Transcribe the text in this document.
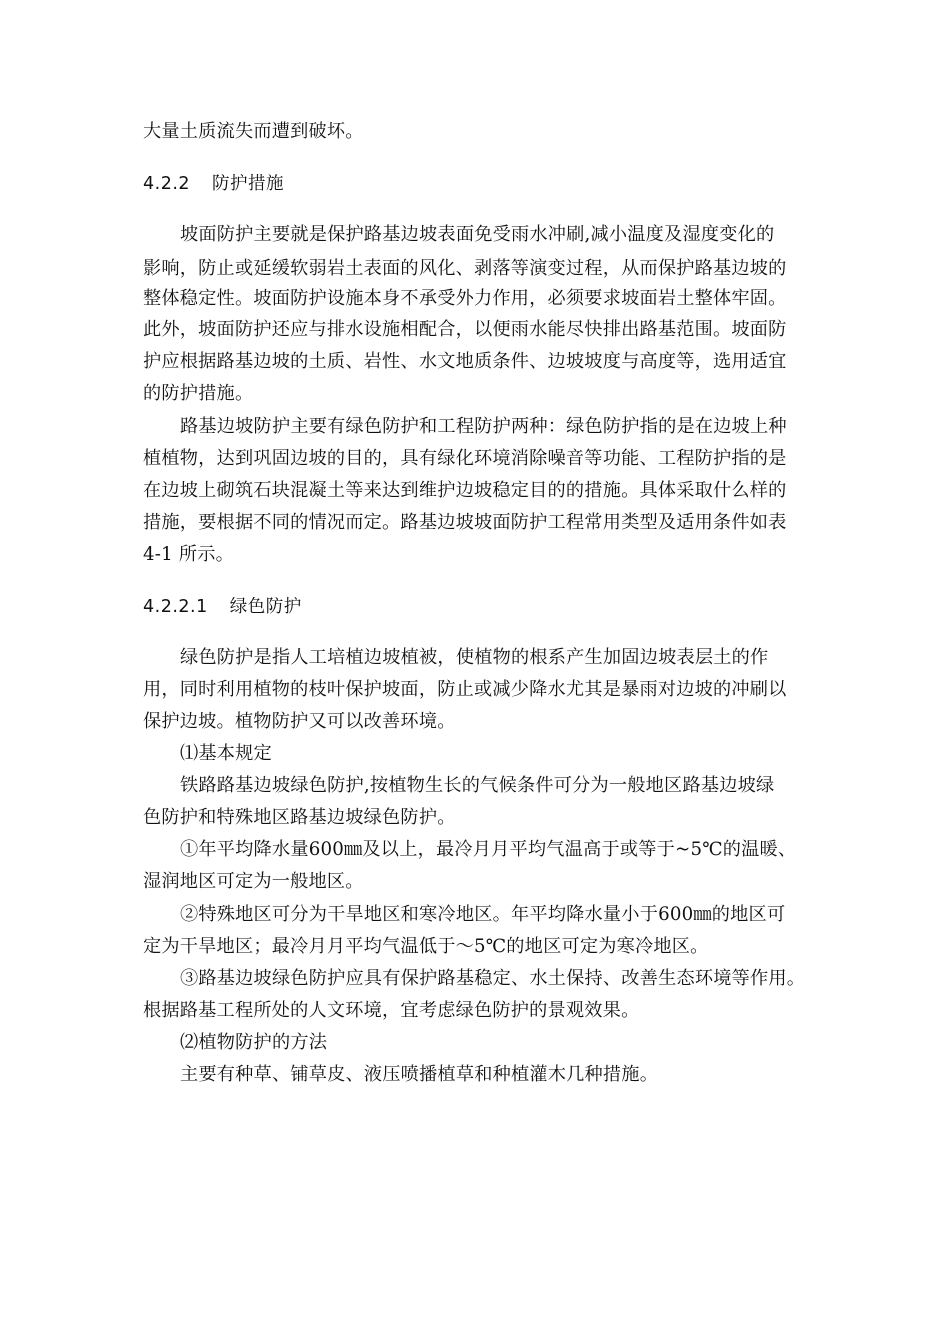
大量土质流失而遭到破坏。
4.2.2 防护措施
坡面防护主要就是保护路基边坡表面免受雨水冲刷,减小温度及湿度变化的
影响，防止或延缓软弱岩土表面的风化、剥落等演变过程，从而保护路基边坡的
整体稳定性。坡面防护设施本身不承受外力作用，必须要求坡面岩土整体牢固。
此外，坡面防护还应与排水设施相配合，以便雨水能尽快排出路基范围。坡面防
护应根据路基边坡的土质、岩性、水文地质条件、边坡坡度与高度等，选用适宜
的防护措施。
路基边坡防护主要有绿色防护和工程防护两种：绿色防护指的是在边坡上种
植植物，达到巩固边坡的目的，具有绿化环境消除噪音等功能、工程防护指的是
在边坡上砌筑石块混凝土等来达到维护边坡稳定目的的措施。具体采取什么样的
措施，要根据不同的情况而定。路基边坡坡面防护工程常用类型及适用条件如表
4-1 所示。
4.2.2.1 绿色防护
绿色防护是指人工培植边坡植被，使植物的根系产生加固边坡表层土的作
用，同时利用植物的枝叶保护坡面，防止或减少降水尤其是暴雨对边坡的冲刷以
保护边坡。植物防护又可以改善环境。
⑴基本规定
铁路路基边坡绿色防护,按植物生长的气候条件可分为一般地区路基边坡绿
色防护和特殊地区路基边坡绿色防护。
①年平均降水量600㎜及以上，最冷月月平均气温高于或等于~5℃的温暖、
湿润地区可定为一般地区。
②特殊地区可分为干旱地区和寒冷地区。年平均降水量小于600㎜的地区可
定为干旱地区；最冷月月平均气温低于～5℃的地区可定为寒冷地区。
③路基边坡绿色防护应具有保护路基稳定、水土保持、改善生态环境等作用。
根据路基工程所处的人文环境，宜考虑绿色防护的景观效果。
⑵植物防护的方法
主要有种草、铺草皮、液压喷播植草和种植灌木几种措施。
